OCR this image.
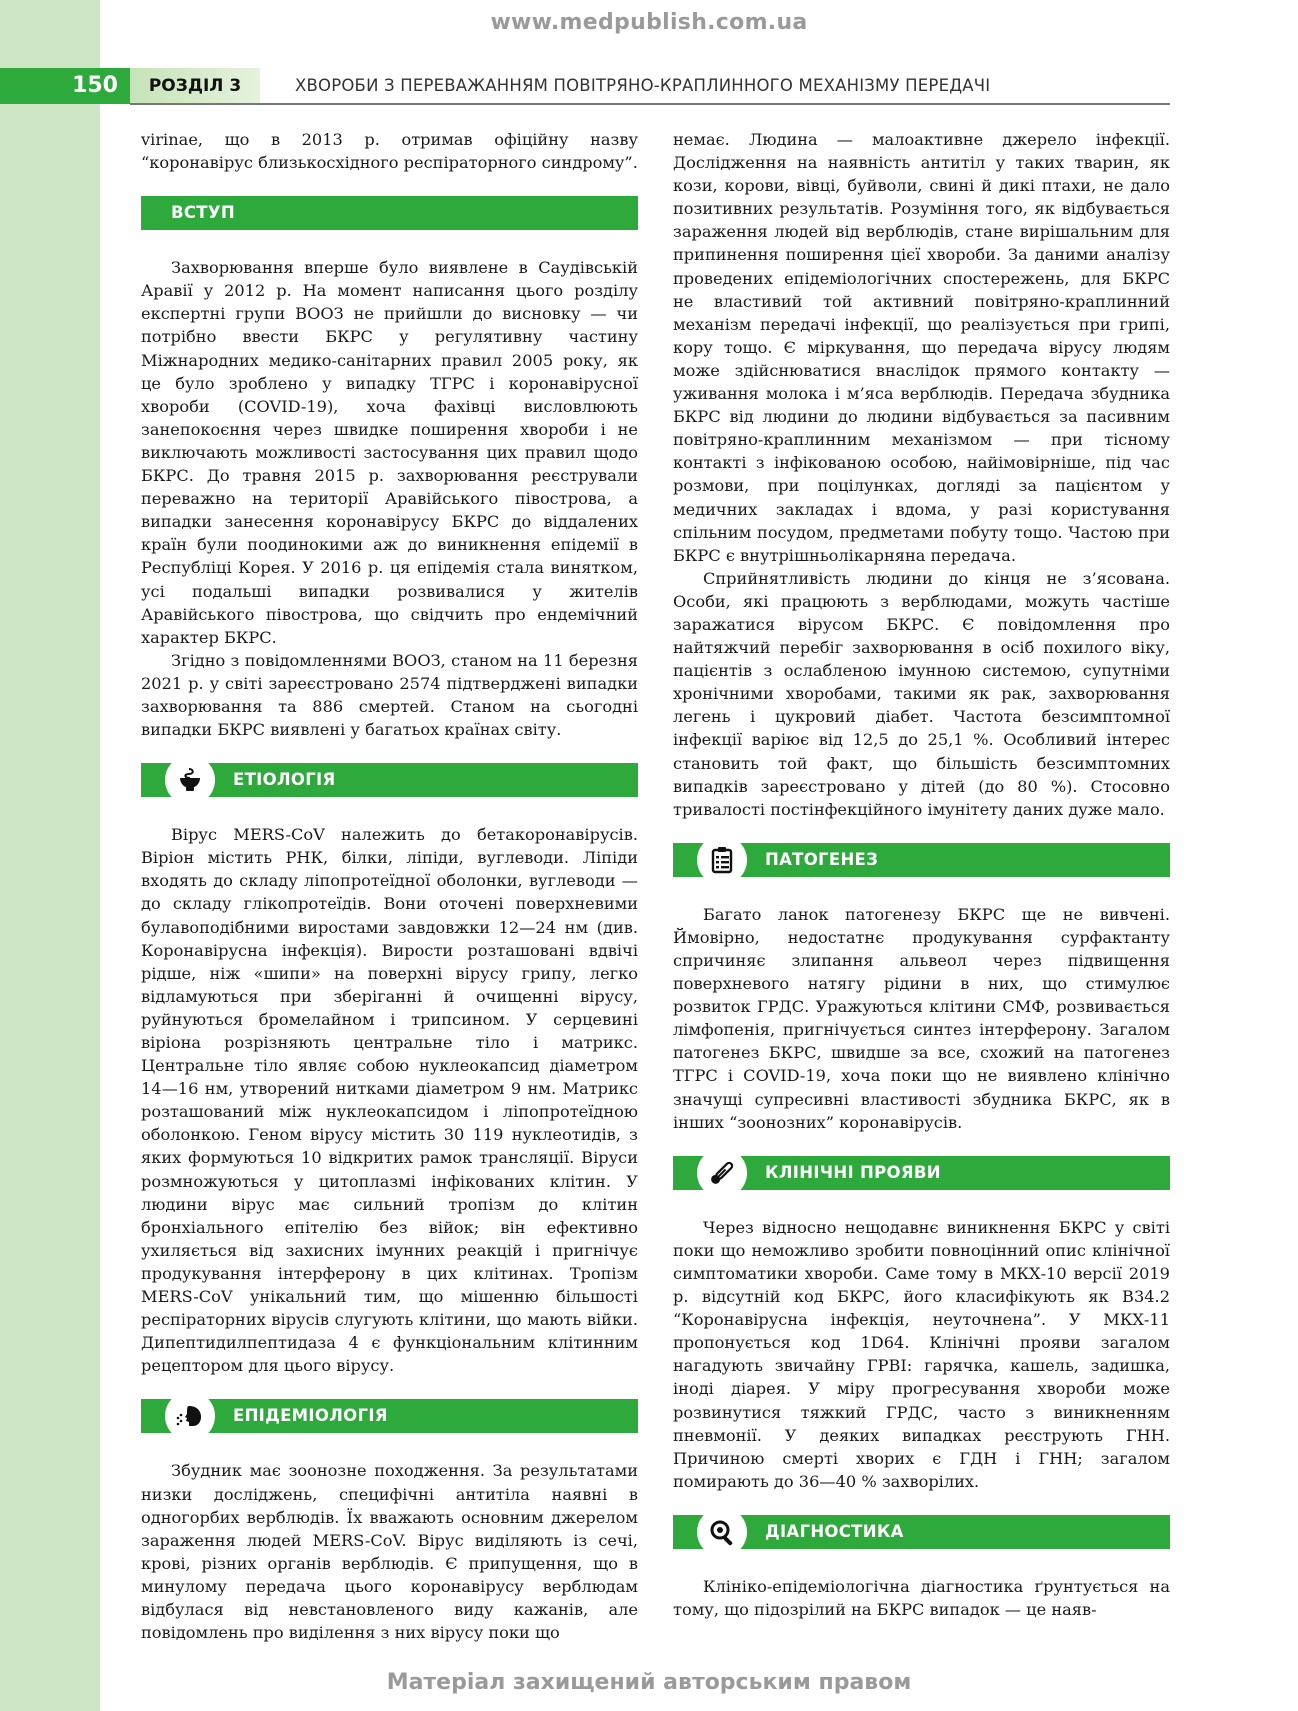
www.medpublish.com.ua
150	РОЗДІЛ 3	ХВОРОБИ З ПЕРЕВАЖАННЯМ ПОВІТРЯНО-КРАПЛИННОГО МЕХАНІЗМУ ПЕРЕДАЧІ

virinae, що в 2013 р. отримав офіційну назву “коронавірус близькосхідного респіраторного синдрому”.

ВСТУП

Захворювання вперше було виявлене в Саудівській Аравії у 2012 р. На момент написання цього розділу експертні групи ВООЗ не прийшли до висновку — чи потрібно ввести БКРС у регулятивну частину Міжнародних медико-санітарних правил 2005 року, як це було зроблено у випадку ТГРС і коронавірусної хвороби (COVID-19), хоча фахівці висловлюють занепокоєння через швидке поширення хвороби і не виключають можливості застосування цих правил щодо БКРС. До травня 2015 р. захворювання реєстрували переважно на території Аравійського півострова, а випадки занесення коронавірусу БКРС до віддалених країн були поодинокими аж до виникнення епідемії в Республіці Корея. У 2016 р. ця епідемія стала винятком, усі подальші випадки розвивалися у жителів Аравійського півострова, що свідчить про ендемічний характер БКРС.

Згідно з повідомленнями ВООЗ, станом на 11 березня 2021 р. у світі зареєстровано 2574 підтверджені випадки захворювання та 886 смертей. Станом на сьогодні випадки БКРС виявлені у багатьох країнах світу.

ЕТІОЛОГІЯ

Вірус MERS-CoV належить до бетакоронавірусів. Віріон містить РНК, білки, ліпіди, вуглеводи. Ліпіди входять до складу ліпопротеїдної оболонки, вуглеводи — до складу глікопротеїдів. Вони оточені поверхневими булавоподібними виростами завдовжки 12—24 нм (див. Коронавірусна інфекція). Вирости розташовані вдвічі рідше, ніж «шипи» на поверхні вірусу грипу, легко відламуються при зберіганні й очищенні вірусу, руйнуються бромелайном і трипсином. У серцевині віріона розрізняють центральне тіло і матрикс. Центральне тіло являє собою нуклеокапсид діаметром 14—16 нм, утворений нитками діаметром 9 нм. Матрикс розташований між нуклеокапсидом і ліпопротеїдною оболонкою. Геном вірусу містить 30 119 нуклеотидів, з яких формуються 10 відкритих рамок трансляції. Віруси розмножуються у цитоплазмі інфікованих клітин. У людини вірус має сильний тропізм до клітин бронхіального епітелію без війок; він ефективно ухиляється від захисних імунних реакцій і пригнічує продукування інтерферону в цих клітинах. Тропізм MERS-CoV унікальний тим, що мішенню більшості респіраторних вірусів слугують клітини, що мають війки. Дипептидилпептидаза 4 є функціональним клітинним рецептором для цього вірусу.

ЕПІДЕМІОЛОГІЯ

Збудник має зоонозне походження. За результатами низки досліджень, специфічні антитіла наявні в одногорбих верблюдів. Їх вважають основним джерелом зараження людей MERS-CoV. Вірус виділяють із сечі, крові, різних органів верблюдів. Є припущення, що в минулому передача цього коронавірусу верблюдам відбулася від невстановленого виду кажанів, але повідомлень про виділення з них вірусу поки що

немає. Людина — малоактивне джерело інфекції. Дослідження на наявність антитіл у таких тварин, як кози, корови, вівці, буйволи, свині й дикі птахи, не дало позитивних результатів. Розуміння того, як відбувається зараження людей від верблюдів, стане вирішальним для припинення поширення цієї хвороби. За даними аналізу проведених епідеміологічних спостережень, для БКРС не властивий той активний повітряно-краплинний механізм передачі інфекції, що реалізується при грипі, кору тощо. Є міркування, що передача вірусу людям може здійснюватися внаслідок прямого контакту — уживання молока і м’яса верблюдів. Передача збудника БКРС від людини до людини відбувається за пасивним повітряно-краплинним механізмом — при тісному контакті з інфікованою особою, найімовірніше, під час розмови, при поцілунках, догляді за пацієнтом у медичних закладах і вдома, у разі користування спільним посудом, предметами побуту тощо. Частою при БКРС є внутрішньолікарняна передача.

Сприйнятливість людини до кінця не з’ясована. Особи, які працюють з верблюдами, можуть частіше заражатися вірусом БКРС. Є повідомлення про найтяжчий перебіг захворювання в осіб похилого віку, пацієнтів з ослабленою імунною системою, супутніми хронічними хворобами, такими як рак, захворювання легень і цукровий діабет. Частота безсимптомної інфекції варіює від 12,5 до 25,1 %. Особливий інтерес становить той факт, що більшість безсимптомних випадків зареєстровано у дітей (до 80 %). Стосовно тривалості постінфекційного імунітету даних дуже мало.

ПАТОГЕНЕЗ

Багато ланок патогенезу БКРС ще не вивчені. Ймовірно, недостатнє продукування сурфактанту спричиняє злипання альвеол через підвищення поверхневого натягу рідини в них, що стимулює розвиток ГРДС. Уражуються клітини СМФ, розвивається лімфопенія, пригнічується синтез інтерферону. Загалом патогенез БКРС, швидше за все, схожий на патогенез ТГРС і COVID-19, хоча поки що не виявлено клінічно значущі супресивні властивості збудника БКРС, як в інших “зоонозних” коронавірусів.

КЛІНІЧНІ ПРОЯВИ

Через відносно нещодавнє виникнення БКРС у світі поки що неможливо зробити повноцінний опис клінічної симптоматики хвороби. Саме тому в МКХ-10 версії 2019 р. відсутній код БКРС, його класифікують як B34.2 “Коронавірусна інфекція, неуточнена”. У МКХ-11 пропонується код 1D64. Клінічні прояви загалом нагадують звичайну ГРВІ: гарячка, кашель, задишка, іноді діарея. У міру прогресування хвороби може розвинутися тяжкий ГРДС, часто з виникненням пневмонії. У деяких випадках реєструють ГНН. Причиною смерті хворих є ГДН і ГНН; загалом помирають до 36—40 % захворілих.

ДІАГНОСТИКА

Клініко-епідеміологічна діагностика ґрунтується на тому, що підозрілий на БКРС випадок — це наяв-

Матеріал захищений авторським правом
